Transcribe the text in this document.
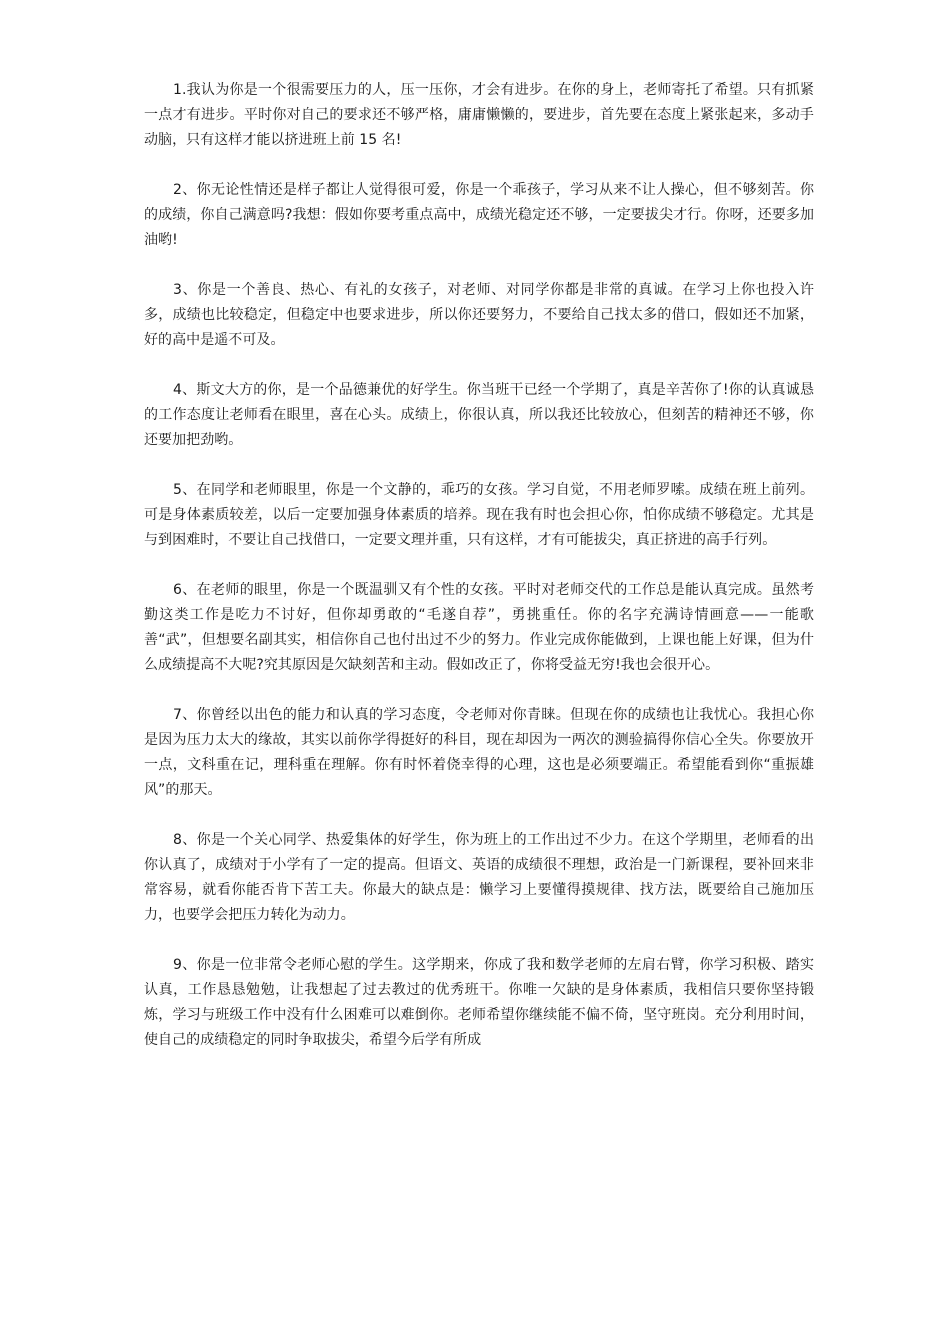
1.我认为你是一个很需要压力的人，压一压你，才会有进步。在你的身上，老师寄托了希望。只有抓紧一点才有进步。平时你对自己的要求还不够严格，庸庸懒懒的，要进步，首先要在态度上紧张起来，多动手动脑，只有这样才能以挤进班上前 15 名!

2、你无论性情还是样子都让人觉得很可爱，你是一个乖孩子，学习从来不让人操心，但不够刻苦。你的成绩，你自己满意吗?我想：假如你要考重点高中，成绩光稳定还不够，一定要拔尖才行。你呀，还要多加油哟!

3、你是一个善良、热心、有礼的女孩子，对老师、对同学你都是非常的真诚。在学习上你也投入许多，成绩也比较稳定，但稳定中也要求进步，所以你还要努力，不要给自己找太多的借口，假如还不加紧，好的高中是遥不可及。

4、斯文大方的你，是一个品德兼优的好学生。你当班干已经一个学期了，真是辛苦你了!你的认真诚恳的工作态度让老师看在眼里，喜在心头。成绩上，你很认真，所以我还比较放心，但刻苦的精神还不够，你还要加把劲哟。

5、在同学和老师眼里，你是一个文静的，乖巧的女孩。学习自觉，不用老师罗嗦。成绩在班上前列。可是身体素质较差，以后一定要加强身体素质的培养。现在我有时也会担心你，怕你成绩不够稳定。尤其是与到困难时，不要让自己找借口，一定要文理并重，只有这样，才有可能拔尖，真正挤进的高手行列。

6、在老师的眼里，你是一个既温驯又有个性的女孩。平时对老师交代的工作总是能认真完成。虽然考勤这类工作是吃力不讨好，但你却勇敢的“毛遂自荐”，勇挑重任。你的名字充满诗情画意——一能歌善“武”，但想要名副其实，相信你自己也付出过不少的努力。作业完成你能做到，上课也能上好课，但为什么成绩提高不大呢?究其原因是欠缺刻苦和主动。假如改正了，你将受益无穷!我也会很开心。

7、你曾经以出色的能力和认真的学习态度，令老师对你青睐。但现在你的成绩也让我忧心。我担心你是因为压力太大的缘故，其实以前你学得挺好的科目，现在却因为一两次的测验搞得你信心全失。你要放开一点，文科重在记，理科重在理解。你有时怀着侥幸得的心理，这也是必须要端正。希望能看到你“重振雄风”的那天。

8、你是一个关心同学、热爱集体的好学生，你为班上的工作出过不少力。在这个学期里，老师看的出你认真了，成绩对于小学有了一定的提高。但语文、英语的成绩很不理想，政治是一门新课程，要补回来非常容易，就看你能否肯下苦工夫。你最大的缺点是：懒学习上要懂得摸规律、找方法，既要给自己施加压力，也要学会把压力转化为动力。

9、你是一位非常令老师心慰的学生。这学期来，你成了我和数学老师的左肩右臂，你学习积极、踏实认真，工作恳恳勉勉，让我想起了过去教过的优秀班干。你唯一欠缺的是身体素质，我相信只要你坚持锻炼，学习与班级工作中没有什么困难可以难倒你。老师希望你继续能不偏不倚，坚守班岗。充分利用时间，使自己的成绩稳定的同时争取拔尖，希望今后学有所成
